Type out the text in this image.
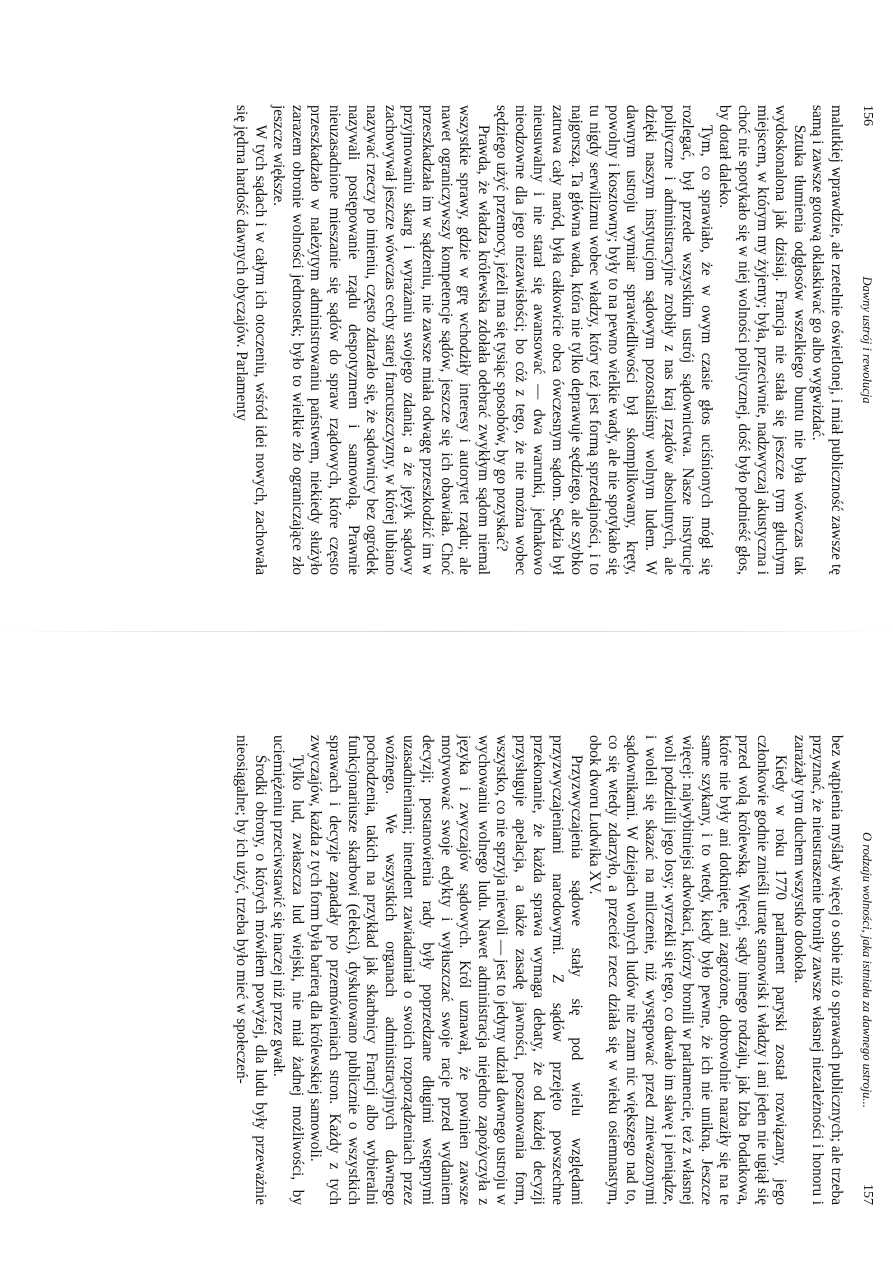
156
Dawny ustrój i rewolucja

malutkiej wprawdzie, ale rzetelnie oświetlonej, i miał publiczność zawsze tę samą i zawsze gotową oklaskiwać go albo wygwizdać.

Sztuka tłumienia odgłosów wszelkiego buntu nie była wówczas tak wydoskonalona jak dzisiaj. Francja nie stała się jeszcze tym głuchym miejscem, w którym my żyjemy; była, przeciwnie, nadzwyczaj akustyczna i choć nie spotykało się w niej wolności politycznej, dość było podnieść głos, by dotarł daleko.

Tym, co sprawiało, że w owym czasie głos uciśnionych mógł się rozlegać, był przede wszystkim ustrój sądownictwa. Nasze instytucje polityczne i administracyjne zrobiły z nas kraj rządów absolutnych, ale dzięki naszym instytucjom sądowym pozostaliśmy wolnym ludem. W dawnym ustroju wymiar sprawiedliwości był skomplikowany, kręty, powolny i kosztowny; były to na pewno wielkie wady, ale nie spotykało się tu nigdy serwilizmu wobec władzy, który też jest formą sprzedajności, i to najgorszą. Ta główna wada, która nie tylko deprawuje sędziego, ale szybko zatruwa cały naród, była całkowicie obca ówczesnym sądom. Sędzia był nieusuwalny i nie starał się awansować — dwa warunki, jednakowo nieodzowne dla jego niezawisłości; bo cóż z tego, że nie można wobec sędziego użyć przemocy, jeżeli ma się tysiąc sposobów, by go pozyskać?

Prawda, że władza królewska zdołała odebrać zwykłym sądom niemal wszystkie sprawy, gdzie w grę wchodziły interesy i autorytet rządu; ale nawet ograniczywszy kompetencje sądów, jeszcze się ich obawiała. Choć przeszkadzała im w sądzeniu, nie zawsze miała odwagę przeszkodzić im w przyjmowaniu skarg i wyrażaniu swojego zdania; a że język sądowy zachowywał jeszcze wówczas cechy starej francuszczyzny, w której lubiano nazywać rzeczy po imieniu, często zdarzało się, że sądownicy bez ogródek nazywali postępowanie rządu despotyzmem i samowolą. Prawnie nieuzasadnione mieszanie się sądów do spraw rządowych, które często przeszkadzało w należytym administrowaniu państwem, niekiedy służyło zarazem obronie wolności jednostek; było to wielkie zło ograniczające zło jeszcze większe.

W tych sądach i w całym ich otoczeniu, wśród idei nowych, zachowała się jędrna hardość dawnych obyczajów. Parlamenty

O rodzaju wolności, jaka istniała za dawnego ustroju...
157

bez wątpienia myślały więcej o sobie niż o sprawach publicznych; ale trzeba przyznać, że nieustraszenie broniły zawsze własnej niezależności i honoru i zarażały tym duchem wszystko dookoła.

Kiedy w roku 1770 parlament paryski został rozwiązany, jego członkowie godnie znieśli utratę stanowisk i władzy i ani jeden nie ugiął się przed wolą królewską. Więcej, sądy innego rodzaju, jak Izba Podatkowa, które nie były ani dotknięte, ani zagrożone, dobrowolnie naraziły się na te same szykany, i to wtedy, kiedy było pewne, że ich nie unikną. Jeszcze więcej: najwybitniejsi adwokaci, którzy bronili w parlamencie, też z własnej woli podzielili jego losy; wyrzekli się tego, co dawało im sławę i pieniądze, i woleli się skazać na milczenie, niż występować przed zniewazonymi sądownikami. W dziejach wolnych ludów nie znam nic większego nad to, co się wtedy zdarzyło, a przecież rzecz działa się w wieku osiemnastym, obok dworu Ludwika XV.

Przyzwyczajenia sądowe stały się pod wielu względami przyzwyczajeniami narodowymi. Z sądów przejęto powszechne przekonanie, że każda sprawa wymaga debaty, że od każdej decyzji przysługuje apelacja, a także zasadę jawności, poszanowania form, wszystko, co nie sprzyja niewoli — jest to jedyny udział dawnego ustroju w wychowaniu wolnego ludu. Nawet administracja niejedno zapożyczyła z języka i zwyczajów sądowych. Król uznawał, że powinien zawsze motywować swoje edykty i wyłuszczać swoje racje przed wydaniem decyzji; postanowienia rady były poprzedzane długimi wstępnymi uzasadnieniami; intendent zawiadamiał o swoich rozporządzeniach przez woźnego. We wszystkich organach administracyjnych dawnego pochodzenia, takich na przykład jak skarbnicy Francji albo wybieralni funkcjonariusze skarbowi (elekci), dyskutowano publicznie o wszystkich sprawach i decyzje zapadały po przemówieniach stron. Każdy z tych zwyczajów, każda z tych form była barierą dla królewskiej samowoli.

Tylko lud, zwłaszcza lud wiejski, nie miał żadnej możliwości, by uciemiężeniu przeciwstawić się inaczej niż przez gwałt.

Środki obrony, o których mówiłem powyżej, dla ludu były przeważnie nieosiągalne; by ich użyć, trzeba było mieć w społeczeń-
